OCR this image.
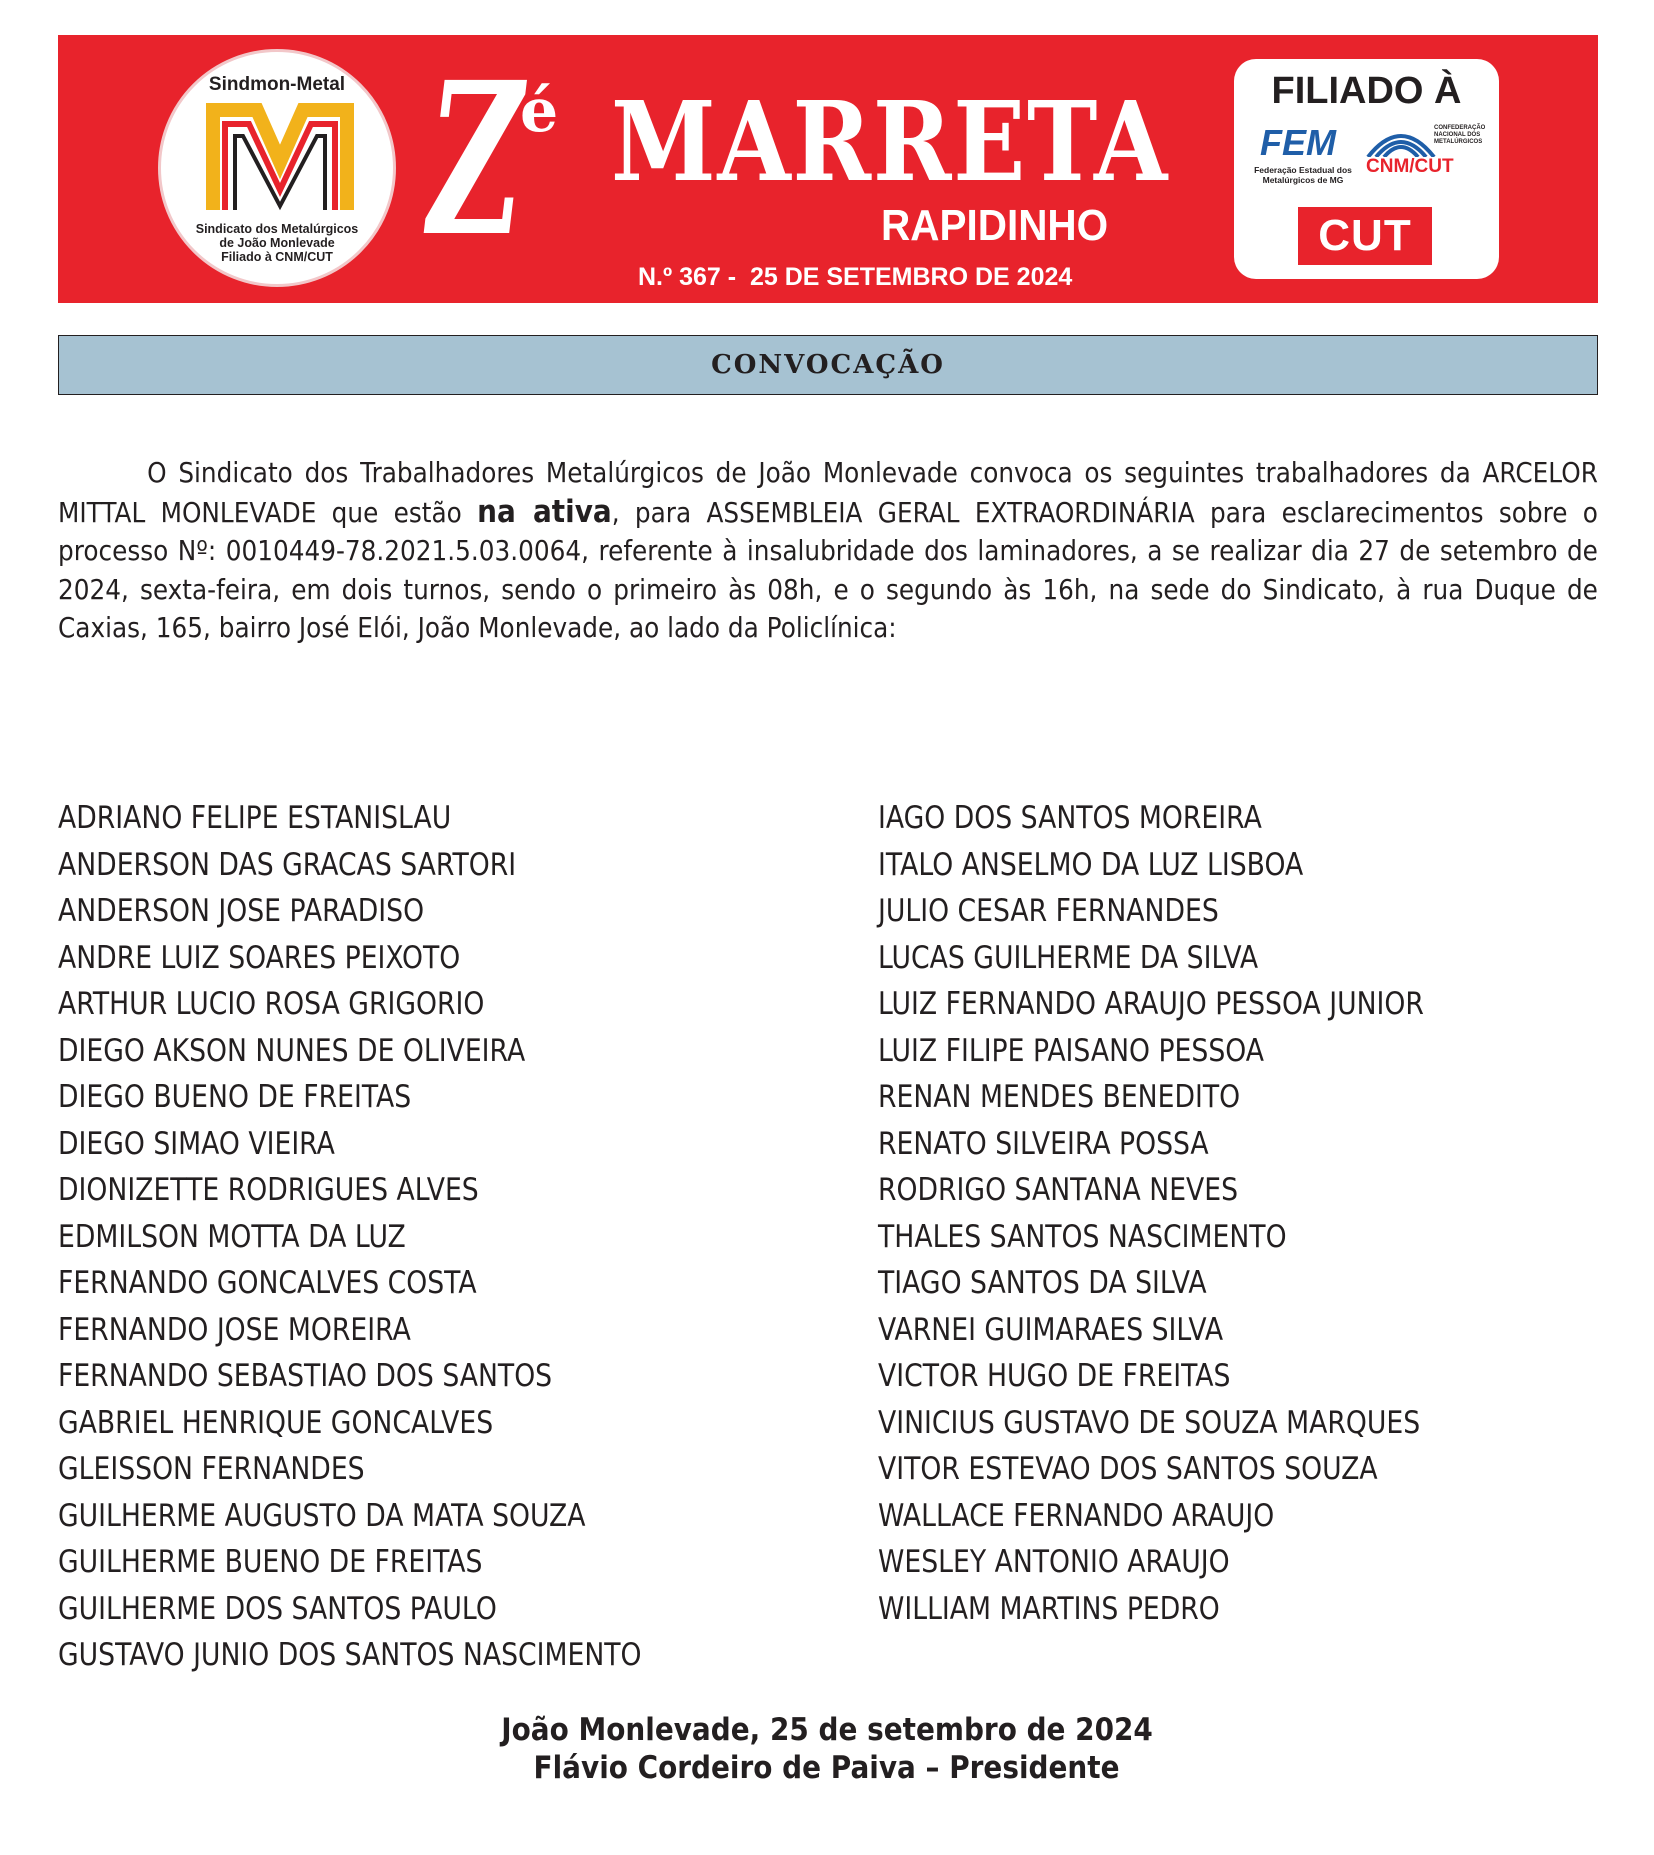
Sindmon-Metal
Sindicato dos Metalúrgicos
de João Monlevade
Filiado à CNM/CUT Z
é MARRETA
RAPIDINHO
N.º 367 -  25 DE SETEMBRO DE 2024
FILIADO À
FEM
Federação Estadual dos Metalúrgicos de MG
CONFEDERAÇÃO NACIONAL DOS METALÚRGICOS
CNM/CUT
CUT
CONVOCAÇÃO

O Sindicato dos Trabalhadores Metalúrgicos de João Monlevade convoca os seguintes trabalhadores da ARCELOR MITTAL MONLEVADE que estão na ativa, para ASSEMBLEIA GERAL EXTRAORDINÁRIA para esclarecimentos sobre o processo Nº: 0010449-78.2021.5.03.0064, referente à insalubridade dos laminadores, a se realizar dia 27 de setembro de 2024, sexta-feira, em dois turnos, sendo o primeiro às 08h, e o segundo às 16h, na sede do Sindicato, à rua Duque de Caxias, 165, bairro José Elói, João Monlevade, ao lado da Policlínica:

ADRIANO FELIPE ESTANISLAU
ANDERSON DAS GRACAS SARTORI
ANDERSON JOSE PARADISO
ANDRE LUIZ SOARES PEIXOTO
ARTHUR LUCIO ROSA GRIGORIO
DIEGO AKSON NUNES DE OLIVEIRA
DIEGO BUENO DE FREITAS
DIEGO SIMAO VIEIRA
DIONIZETTE RODRIGUES ALVES
EDMILSON MOTTA DA LUZ
FERNANDO GONCALVES COSTA
FERNANDO JOSE MOREIRA
FERNANDO SEBASTIAO DOS SANTOS
GABRIEL HENRIQUE GONCALVES
GLEISSON FERNANDES
GUILHERME AUGUSTO DA MATA SOUZA
GUILHERME BUENO DE FREITAS
GUILHERME DOS SANTOS PAULO
GUSTAVO JUNIO DOS SANTOS NASCIMENTO
IAGO DOS SANTOS MOREIRA
ITALO ANSELMO DA LUZ LISBOA
JULIO CESAR FERNANDES
LUCAS GUILHERME DA SILVA
LUIZ FERNANDO ARAUJO PESSOA JUNIOR
LUIZ FILIPE PAISANO PESSOA
RENAN MENDES BENEDITO
RENATO SILVEIRA POSSA
RODRIGO SANTANA NEVES
THALES SANTOS NASCIMENTO
TIAGO SANTOS DA SILVA
VARNEI GUIMARAES SILVA
VICTOR HUGO DE FREITAS
VINICIUS GUSTAVO DE SOUZA MARQUES
VITOR ESTEVAO DOS SANTOS SOUZA
WALLACE FERNANDO ARAUJO
WESLEY ANTONIO ARAUJO
WILLIAM MARTINS PEDRO
João Monlevade, 25 de setembro de 2024
Flávio Cordeiro de Paiva – Presidente
